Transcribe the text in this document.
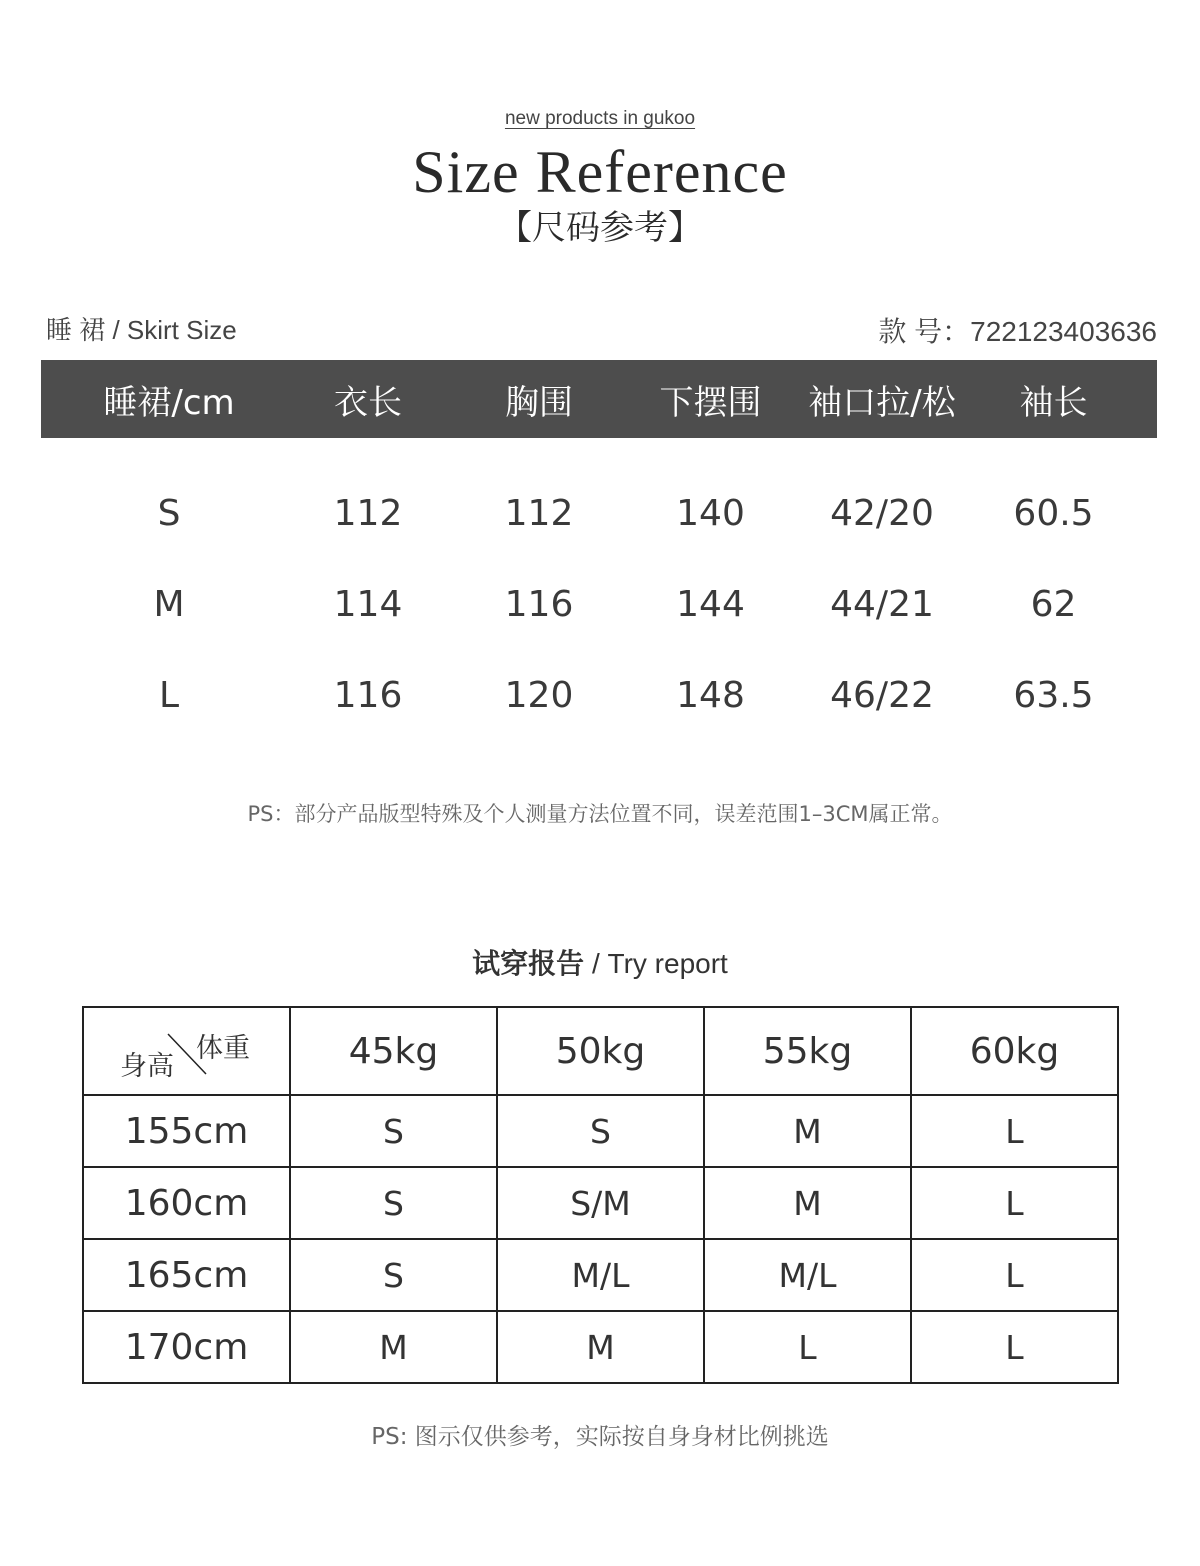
new products in gukoo
Size Reference
【尺码参考】
睡 裙 / Skirt Size	款 号：722123403636
睡裙/cm	衣长	胸围	下摆围	袖口拉/松	袖长
S	112	112	140	42/20	60.5
M	114	116	144	44/21	62
L	116	120	148	46/22	63.5
PS：部分产品版型特殊及个人测量方法位置不同，误差范围1–3CM属正常。
试穿报告 / Try report
身高
体重	45kg	50kg	55kg	60kg
155cm	S	S	M	L
160cm	S	S/M	M	L
165cm	S	M/L	M/L	L
170cm	M	M	L	L
PS: 图示仅供参考，实际按自身身材比例挑选
